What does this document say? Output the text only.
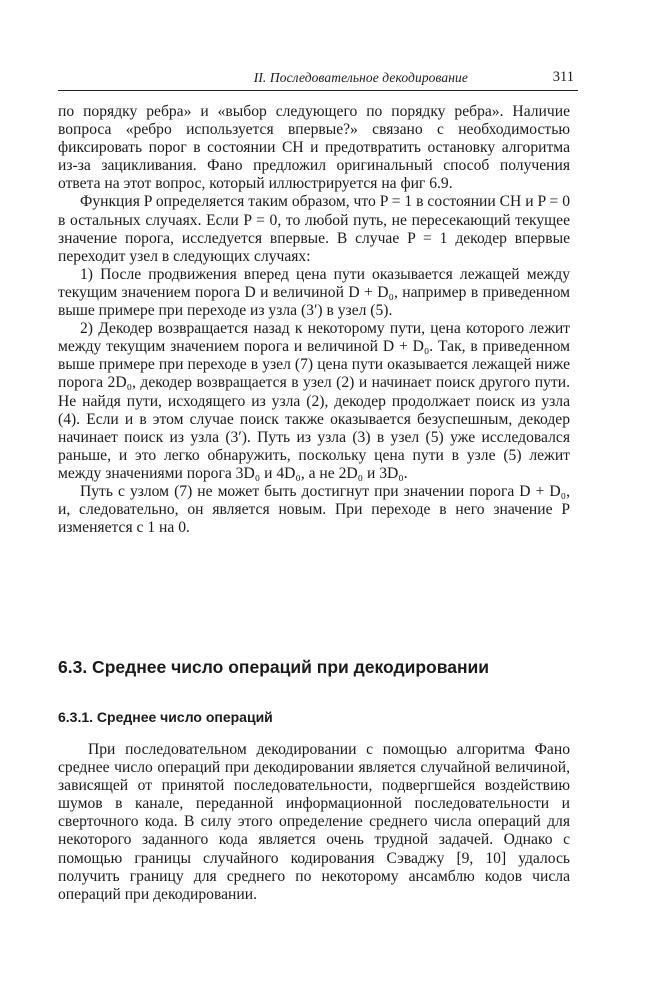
II. Последовательное декодирование	311

по порядку ребра» и «выбор следующего по порядку ребра». Наличие вопроса «ребро используется впервые?» связано с необходимостью фиксировать порог в состоянии СН и предотвратить остановку алгоритма из-за зацикливания. Фано предложил оригинальный способ получения ответа на этот вопрос, который иллюстрируется на фиг 6.9.

Функция P определяется таким образом, что P = 1 в состоянии СН и P = 0 в остальных случаях. Если P = 0, то любой путь, не пересекающий текущее значение порога, исследуется впервые. В случае P = 1 декодер впервые переходит узел в следующих случаях:

1) После продвижения вперед цена пути оказывается лежащей между текущим значением порога D и величиной D + D₀, например в приведенном выше примере при переходе из узла (3′) в узел (5).

2) Декодер возвращается назад к некоторому пути, цена которого лежит между текущим значением порога и величиной D + D₀. Так, в приведенном выше примере при переходе в узел (7) цена пути оказывается лежащей ниже порога 2D₀, декодер возвращается в узел (2) и начинает поиск другого пути. Не найдя пути, исходящего из узла (2), декодер продолжает поиск из узла (4). Если и в этом случае поиск также оказывается безуспешным, декодер начинает поиск из узла (3′). Путь из узла (3) в узел (5) уже исследовался раньше, и это легко обнаружить, поскольку цена пути в узле (5) лежит между значениями порога 3D₀ и 4D₀, а не 2D₀ и 3D₀.

Путь с узлом (7) не может быть достигнут при значении порога D + D₀, и, следовательно, он является новым. При переходе в него значение P изменяется с 1 на 0.

6.3. Среднее число операций при декодировании
6.3.1. Среднее число операций

При последовательном декодировании с помощью алгоритма Фано среднее число операций при декодировании является случайной величиной, зависящей от принятой последовательности, подвергшейся воздействию шумов в канале, переданной информационной последовательности и сверточного кода. В силу этого определение среднего числа операций для некоторого заданного кода является очень трудной задачей. Однако с помощью границы случайного кодирования Сэваджу [9, 10] удалось получить границу для среднего по некоторому ансамблю кодов числа операций при декодировании.
